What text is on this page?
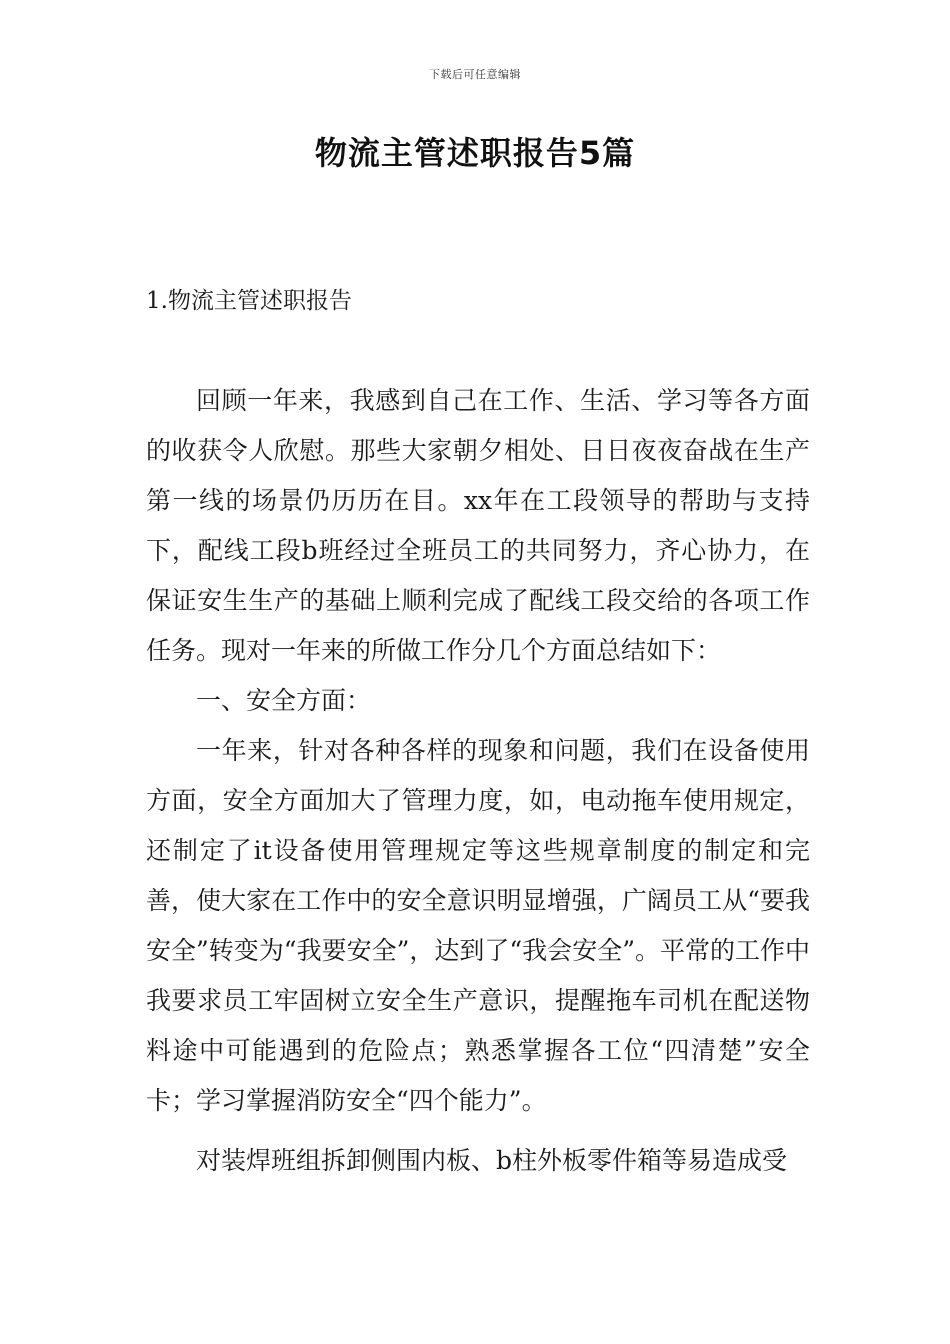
下载后可任意编辑
物流主管述职报告5篇
1.物流主管述职报告

回顾一年来，我感到自己在工作、生活、学习等各方面的收获令人欣慰。那些大家朝夕相处、日日夜夜奋战在生产第一线的场景仍历历在目。xx年在工段领导的帮助与支持下，配线工段b班经过全班员工的共同努力，齐心协力，在保证安生生产的基础上顺利完成了配线工段交给的各项工作任务。现对一年来的所做工作分几个方面总结如下：

一、安全方面：

一年来，针对各种各样的现象和问题，我们在设备使用方面，安全方面加大了管理力度，如，电动拖车使用规定，还制定了it设备使用管理规定等这些规章制度的制定和完善，使大家在工作中的安全意识明显增强，广阔员工从“要我安全”转变为“我要安全”，达到了“我会安全”。平常的工作中我要求员工牢固树立安全生产意识，提醒拖车司机在配送物料途中可能遇到的危险点；熟悉掌握各工位“四清楚”安全卡；学习掌握消防安全“四个能力”。

对装焊班组拆卸侧围内板、b柱外板零件箱等易造成受
